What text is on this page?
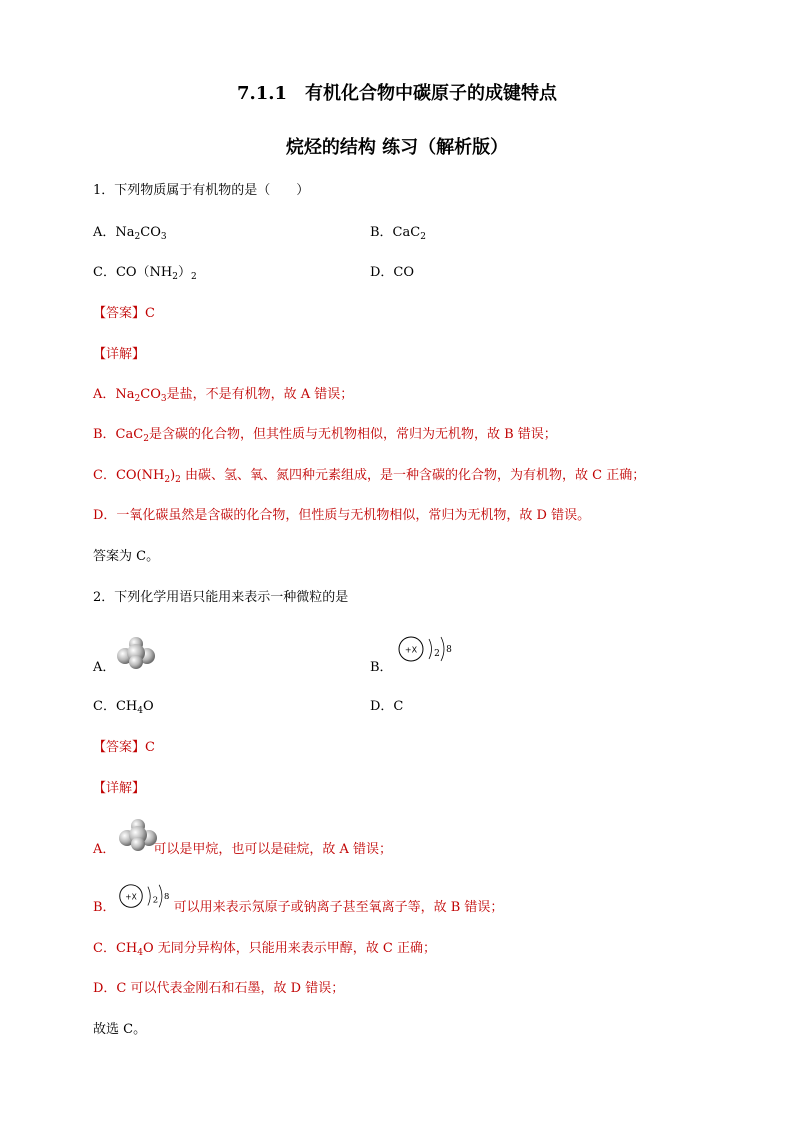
7.1.1　有机化合物中碳原子的成键特点
烷烃的结构 练习（解析版）
1．下列物质属于有机物的是（　　）
A．$Na_2CO_3$	B．CaC$_2$
C．$CO(NH_2)_2$	D．CO
【答案】C
【详解】
A．$Na_2CO_3$是盐，不是有机物，故 A 错误；
B．CaC$_2$是含碳的化合物，但其性质与无机物相似，常归为无机物，故 B 错误；
C．$CO(NH_2)_2$ 由碳、氢、氧、氮四种元素组成，是一种含碳的化合物，为有机物，故 C 正确；
D．一氧化碳虽然是含碳的化合物，但性质与无机物相似，常归为无机物，故 D 错误。
答案为 C。
2．下列化学用语只能用来表示一种微粒的是
A．	B．
+X 2 8
C．$CH_4O$	D．C
【答案】C
【详解】
A．	可以是甲烷，也可以是硅烷，故 A 错误；
B．	可以用来表示氖原子或钠离子甚至氧离子等，故 B 错误；
+X 2 8
C．$CH_4O$ 无同分异构体，只能用来表示甲醇，故 C 正确；
D．C 可以代表金刚石和石墨，故 D 错误；
故选 C。
